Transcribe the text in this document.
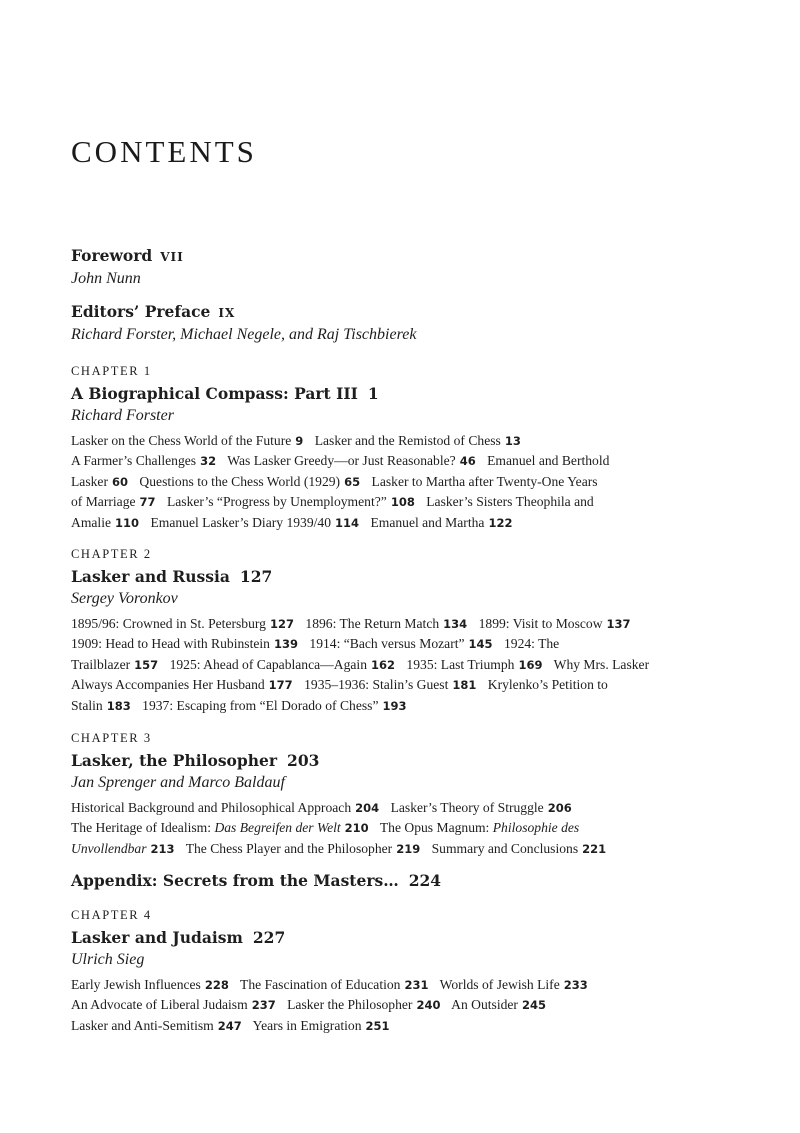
CONTENTS
Foreword VII
John Nunn
Editors’ Preface IX
Richard Forster, Michael Negele, and Raj Tischbierek
CHAPTER 1
A Biographical Compass: Part III 1
Richard Forster
Lasker on the Chess World of the Future 9 Lasker and the Remistod of Chess 13
A Farmer’s Challenges 32 Was Lasker Greedy—or Just Reasonable? 46 Emanuel and Berthold
Lasker 60 Questions to the Chess World (1929) 65 Lasker to Martha after Twenty-One Years
of Marriage 77 Lasker’s “Progress by Unemployment?” 108 Lasker’s Sisters Theophila and
Amalie 110 Emanuel Lasker’s Diary 1939/40 114 Emanuel and Martha 122
CHAPTER 2
Lasker and Russia 127
Sergey Voronkov
1895/96: Crowned in St. Petersburg 127 1896: The Return Match 134 1899: Visit to Moscow 137
1909: Head to Head with Rubinstein 139 1914: “Bach versus Mozart” 145 1924: The
Trailblazer 157 1925: Ahead of Capablanca—Again 162 1935: Last Triumph 169 Why Mrs. Lasker
Always Accompanies Her Husband 177 1935–1936: Stalin’s Guest 181 Krylenko’s Petition to
Stalin 183 1937: Escaping from “El Dorado of Chess” 193
CHAPTER 3
Lasker, the Philosopher 203
Jan Sprenger and Marco Baldauf
Historical Background and Philosophical Approach 204 Lasker’s Theory of Struggle 206
The Heritage of Idealism: Das Begreifen der Welt 210 The Opus Magnum: Philosophie des
Unvollendbar 213 The Chess Player and the Philosopher 219 Summary and Conclusions 221
Appendix: Secrets from the Masters… 224
CHAPTER 4
Lasker and Judaism 227
Ulrich Sieg
Early Jewish Influences 228 The Fascination of Education 231 Worlds of Jewish Life 233
An Advocate of Liberal Judaism 237 Lasker the Philosopher 240 An Outsider 245
Lasker and Anti-Semitism 247 Years in Emigration 251
